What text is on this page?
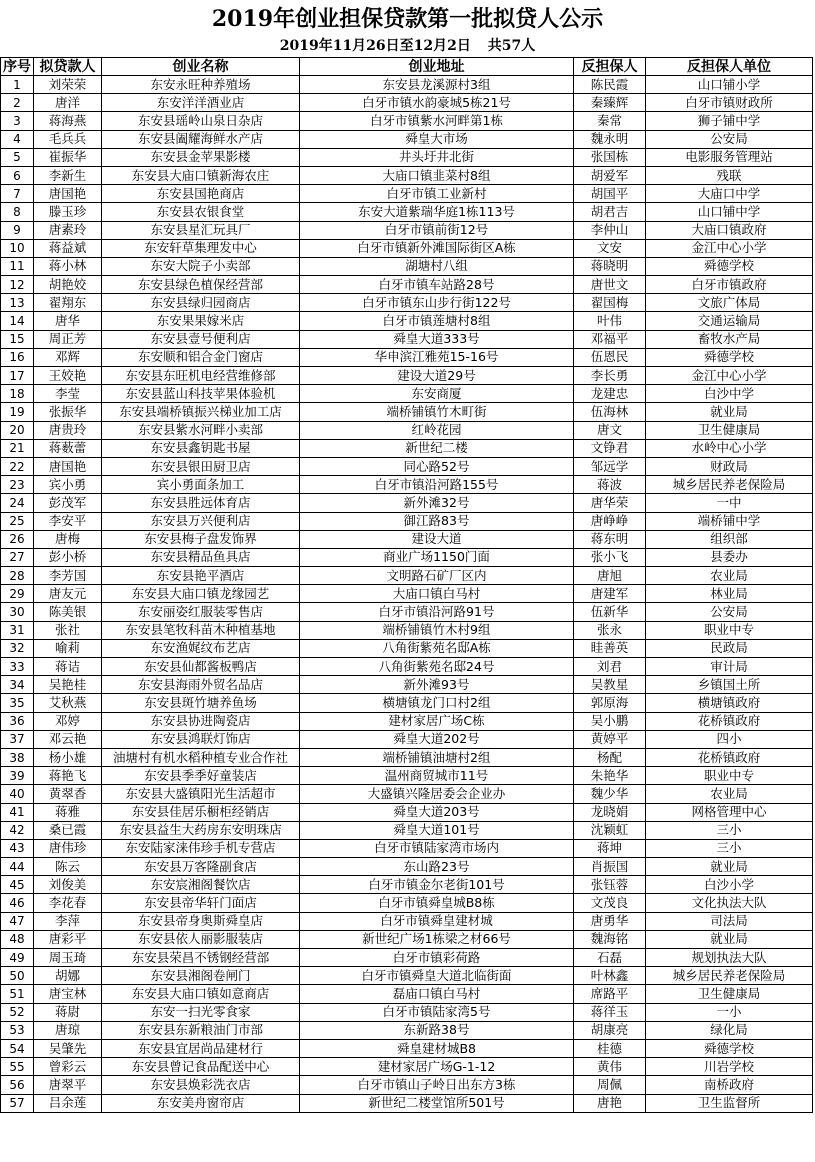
2019年创业担保贷款第一批拟贷人公示
2019年11月26日至12月2日 共57人
序号	拟贷款人	创业名称	创业地址	反担保人	反担保人单位
1	刘荣荣	东安永旺种养殖场	东安县龙溪源村3组	陈民霞	山口铺小学
2	唐洋	东安洋洋酒业店	白牙市镇水韵豪城5栋21号	秦臻辉	白牙市镇财政所
3	蒋海燕	东安县瑶岭山泉日杂店	白牙市镇紫水河畔第1栋	秦常	狮子铺中学
4	毛兵兵	东安县阖耀海鲜水产店	舜皇大市场	魏永明	公安局
5	崔振华	东安县金苹果影楼	井头圩井北街	张国栋	电影服务管理站
6	李新生	东安县大庙口镇新海农庄	大庙口镇韭菜村8组	胡爱军	残联
7	唐国艳	东安县国艳商店	白牙市镇工业新村	胡国平	大庙口中学
8	滕玉珍	东安县农银食堂	东安大道紫瑞华庭1栋113号	胡君吉	山口铺中学
9	唐素玲	东安县星汇玩具厂	白牙市镇前街12号	李仲山	大庙口镇政府
10	蒋益斌	东安轩草集理发中心	白牙市镇新外滩国际街区A栋	文安	金江中心小学
11	蒋小林	东安大院子小卖部	湖塘村八组	蒋晓明	舜德学校
12	胡艳姣	东安县绿色植保经营部	白牙市镇车站路28号	唐世文	白牙市镇政府
13	翟翔东	东安县绿归园商店	白牙市镇东山步行街122号	翟国梅	文旅广体局
14	唐华	东安果果嫁米店	白牙市镇莲塘村8组	叶伟	交通运输局
15	周正芳	东安县壹号便利店	舜皇大道333号	邓福平	畜牧水产局
16	邓辉	东安顺和铝合金门窗店	华申滨江雅苑15-16号	伍恩民	舜德学校
17	王姣艳	东安县东旺机电经营维修部	建设大道29号	李长勇	金江中心小学
18	李莹	东安县蓝山科技苹果体验机	东安商厦	龙建忠	白沙中学
19	张振华	东安县端桥镇振兴梯业加工店	端桥铺镇竹木町街	伍海林	就业局
20	唐贵玲	东安县紫水河畔小卖部	红岭花园	唐文	卫生健康局
21	蒋薮蕾	东安县鑫钥匙书屋	新世纪二楼	文铮君	水岭中心小学
22	唐国艳	东安县银田厨卫店	同心路52号	邹远学	财政局
23	宾小勇	宾小勇面条加工	白牙市镇沿河路155号	蒋波	城乡居民养老保险局
24	彭茂军	东安县胜远体育店	新外滩32号	唐华荣	一中
25	李安平	东安县万兴便利店	御江路83号	唐峥峥	端桥铺中学
26	唐梅	东安县梅子盘发饰界	建设大道	蒋东明	组织部
27	彭小桥	东安县精品鱼具店	商业广场1150门面	张小飞	县委办
28	李芳国	东安县艳平酒店	文明路石矿厂区内	唐旭	农业局
29	唐友元	东安县大庙口镇龙缘园艺	大庙口镇白马村	唐建军	林业局
30	陈美银	东安丽姿红服装零售店	白牙市镇沿河路91号	伍新华	公安局
31	张社	东安县笔牧科苗木种植基地	端桥铺镇竹木村9组	张永	职业中专
32	喻莉	东安渔娓纹布艺店	八角街紫苑名邸A栋	眭善英	民政局
33	蒋诘	东安县仙都酱板鸭店	八角街紫苑名邸24号	刘君	审计局
34	吴艳桂	东安县海雨外贸名品店	新外滩93号	吴教星	乡镇国土所
35	艾秋燕	东安县斑竹塘养鱼场	横塘镇龙门口村2组	郭原海	横塘镇政府
36	邓婷	东安县协进陶瓷店	建材家居广场C栋	吴小鹏	花桥镇政府
37	邓云艳	东安县鸿联灯饰店	舜皇大道202号	黄婷平	四小
38	杨小雄	油塘村有机水稻种植专业合作社	端桥铺镇油塘村2组	杨配	花桥镇政府
39	蒋艳飞	东安县季季好童装店	温州商贸城市11号	朱艳华	职业中专
40	黄翠香	东安县大盛镇阳光生活超市	大盛镇兴隆居委会企业办	魏少华	农业局
41	蒋雅	东安县佳居乐橱柜经销店	舜皇大道203号	龙晓娟	网格管理中心
42	桑已霞	东安县益生大药房东安明珠店	舜皇大道101号	沈颖虹	三小
43	唐伟珍	东安陆家涞伟珍手机专营店	白牙市镇陆家湾市场内	蒋坤	三小
44	陈云	东安县万客隆副食店	东山路23号	肖振国	就业局
45	刘俊美	东安宸湘阁餐饮店	白牙市镇金尔老街101号	张钰蓉	白沙小学
46	李花春	东安县帝华轩门面店	白牙市镇舜皇城B8栋	文茂良	文化执法大队
47	李萍	东安县帝身奥斯舜皇店	白牙市镇舜皇建材城	唐勇华	司法局
48	唐彩平	东安县依人丽影服装店	新世纪广场1栋梁之材66号	魏海铭	就业局
49	周玉琦	东安县荣昌不锈钢经营部	白牙市镇彩荷路	石磊	规划执法大队
50	胡娜	东安县湘阁卷闸门	白牙市镇舜皇大道北临街面	叶林鑫	城乡居民养老保险局
51	唐宝林	东安县大庙口镇如意商店	磊庙口镇白马村	席路平	卫生健康局
52	蒋尉	东安一扫光零食家	白牙市镇陆家湾5号	蒋徉玉	一小
53	唐琼	东安县东新粮油门市部	东新路38号	胡康亮	绿化局
54	吴肇先	东安县宜居尚品建材行	舜皇建材城B8	桂德	舜德学校
55	曾彩云	东安县曾记食品配送中心	建材家居广场G-1-12	黄伟	川岩学校
56	唐翠平	东安县焕彩洗衣店	白牙市镇山子岭日出东方3栋	周佩	南桥政府
57	吕余莲	东安美舟窗帘店	新世纪二楼堂馆所501号	唐艳	卫生监督所
